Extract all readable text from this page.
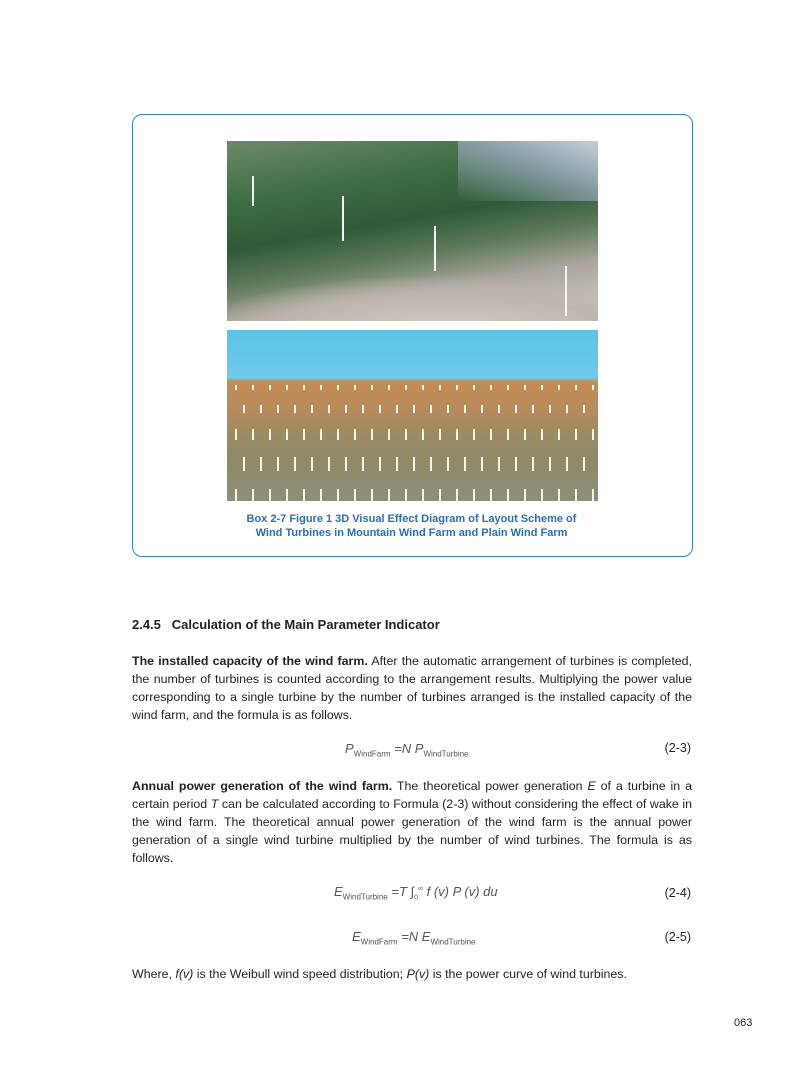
Box 2-7 Figure 1 3D Visual Effect Diagram of Layout Scheme of
Wind Turbines in Mountain Wind Farm and Plain Wind Farm
2.4.5 Calculation of the Main Parameter Indicator
The installed capacity of the wind farm. After the automatic arrangement of turbines is completed, the number of turbines is counted according to the arrangement results. Multiplying the power value corresponding to a single turbine by the number of turbines arranged is the installed capacity of the wind farm, and the formula is as follows.
$P_{WindFarm} =N$ $P_{WindTurbine}$	(2-3)
Annual power generation of the wind farm. The theoretical power generation E of a turbine in a certain period T can be calculated according to Formula (2-3) without considering the effect of wake in the wind farm. The theoretical annual power generation of the wind farm is the annual power generation of a single wind turbine multiplied by the number of wind turbines. The formula is as follows.
$E_{WindTurbine} =T$ $\int_0^\infty$ f (v) P (v) du	(2-4)
$E_{WindFarm} =N$ $E_{WindTurbine}$	(2-5)
Where, f(v) is the Weibull wind speed distribution; P(v) is the power curve of wind turbines.
063
